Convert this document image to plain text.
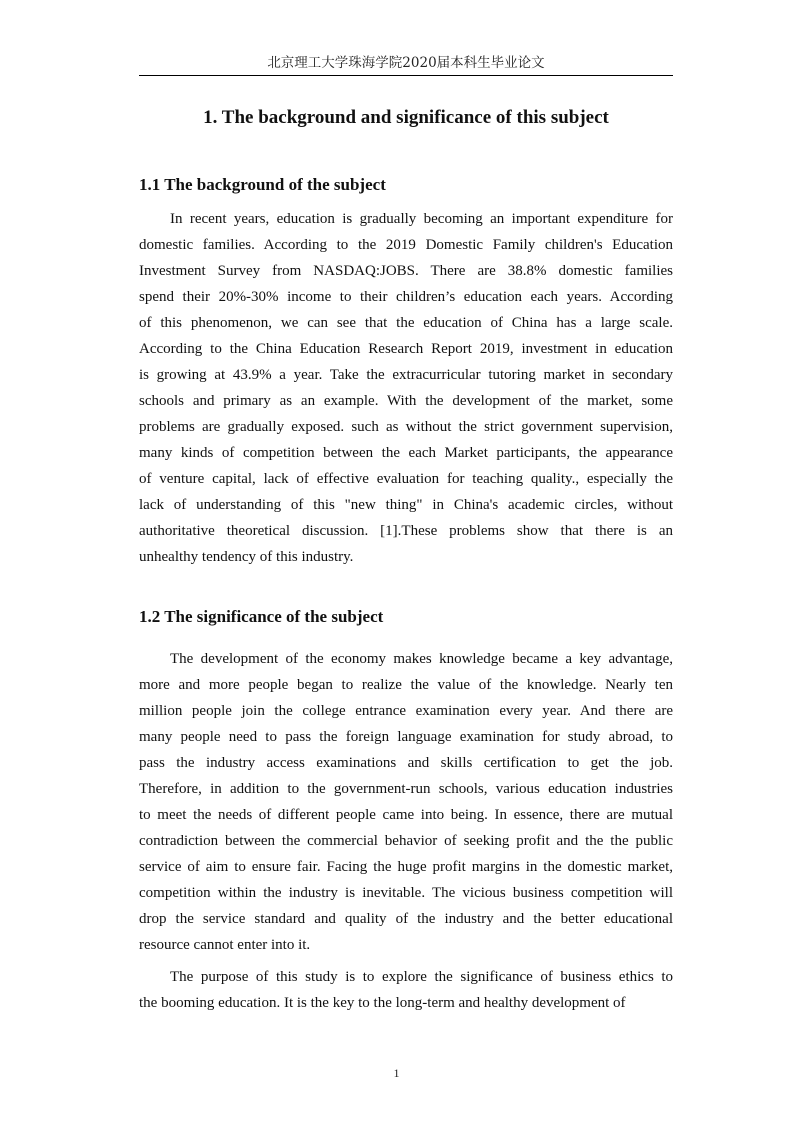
北京理工大学珠海学院2020届本科生毕业论文
1. The background and significance of this subject
1.1 The background of the subject
In recent years, education is gradually becoming an important expenditure for
domestic families. According to the 2019 Domestic Family children's Education
Investment Survey from NASDAQ:JOBS. There are 38.8% domestic families
spend their 20%-30% income to their children’s education each years. According
of this phenomenon, we can see that the education of China has a large scale.
According to the China Education Research Report 2019, investment in education
is growing at 43.9% a year. Take the extracurricular tutoring market in secondary
schools and primary as an example. With the development of the market, some
problems are gradually exposed. such as without the strict government supervision,
many kinds of competition between the each Market participants, the appearance
of venture capital, lack of effective evaluation for teaching quality., especially the
lack of understanding of this "new thing" in China's academic circles, without
authoritative theoretical discussion. [1].These problems show that there is an
unhealthy tendency of this industry.
1.2 The significance of the subject
The development of the economy makes knowledge became a key advantage,
more and more people began to realize the value of the knowledge. Nearly ten
million people join the college entrance examination every year. And there are
many people need to pass the foreign language examination for study abroad, to
pass the industry access examinations and skills certification to get the job.
Therefore, in addition to the government-run schools, various education industries
to meet the needs of different people came into being. In essence, there are mutual
contradiction between the commercial behavior of seeking profit and the the public
service of aim to ensure fair. Facing the huge profit margins in the domestic market,
competition within the industry is inevitable. The vicious business competition will
drop the service standard and quality of the industry and the better educational
resource cannot enter into it.
The purpose of this study is to explore the significance of business ethics to
the booming education. It is the key to the long-term and healthy development of
1
